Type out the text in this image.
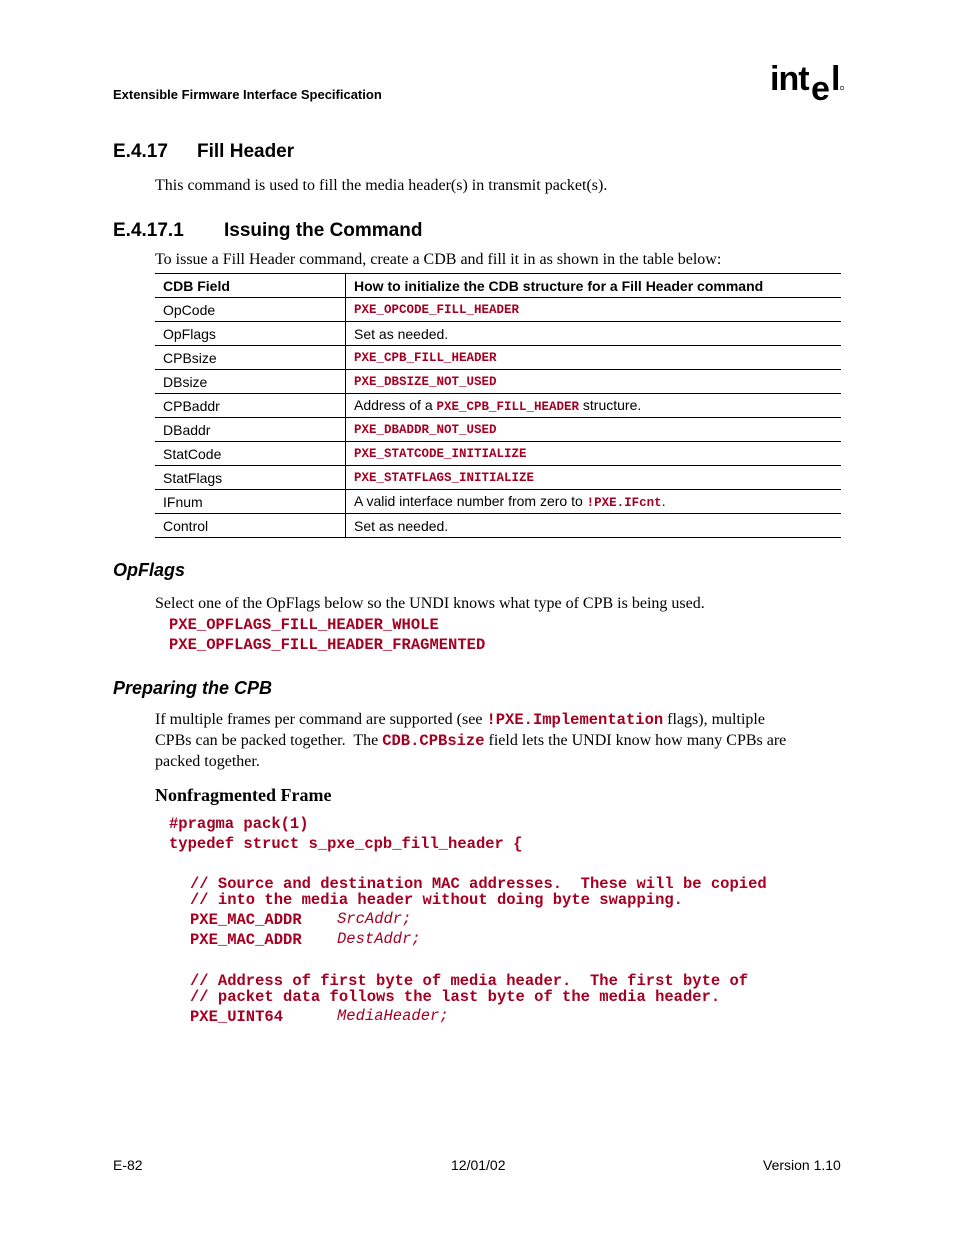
Extensible Firmware Interface Specification	int e l
E.4.17 Fill Header
This command is used to fill the media header(s) in transmit packet(s).
E.4.17.1 Issuing the Command
To issue a Fill Header command, create a CDB and fill it in as shown in the table below:
CDB Field	How to initialize the CDB structure for a Fill Header command
OpCode	PXE_OPCODE_FILL_HEADER
OpFlags	Set as needed.
CPBsize	PXE_CPB_FILL_HEADER
DBsize	PXE_DBSIZE_NOT_USED
CPBaddr	Address of a PXE_CPB_FILL_HEADER structure.
DBaddr	PXE_DBADDR_NOT_USED
StatCode	PXE_STATCODE_INITIALIZE
StatFlags	PXE_STATFLAGS_INITIALIZE
IFnum	A valid interface number from zero to !PXE.IFcnt.
Control	Set as needed.
OpFlags
Select one of the OpFlags below so the UNDI knows what type of CPB is being used.
PXE_OPFLAGS_FILL_HEADER_WHOLE
PXE_OPFLAGS_FILL_HEADER_FRAGMENTED
Preparing the CPB
If multiple frames per command are supported (see !PXE.Implementation flags), multiple
CPBs can be packed together.  The CDB.CPBsize field lets the UNDI know how many CPBs are
packed together.
Nonfragmented Frame
#pragma pack(1)
typedef struct s_pxe_cpb_fill_header {
// Source and destination MAC addresses.  These will be copied
// into the media header without doing byte swapping.
PXE_MAC_ADDR SrcAddr;
PXE_MAC_ADDR DestAddr;
// Address of first byte of media header.  The first byte of
// packet data follows the last byte of the media header.
PXE_UINT64	MediaHeader;
E-82	12/01/02	Version 1.10
